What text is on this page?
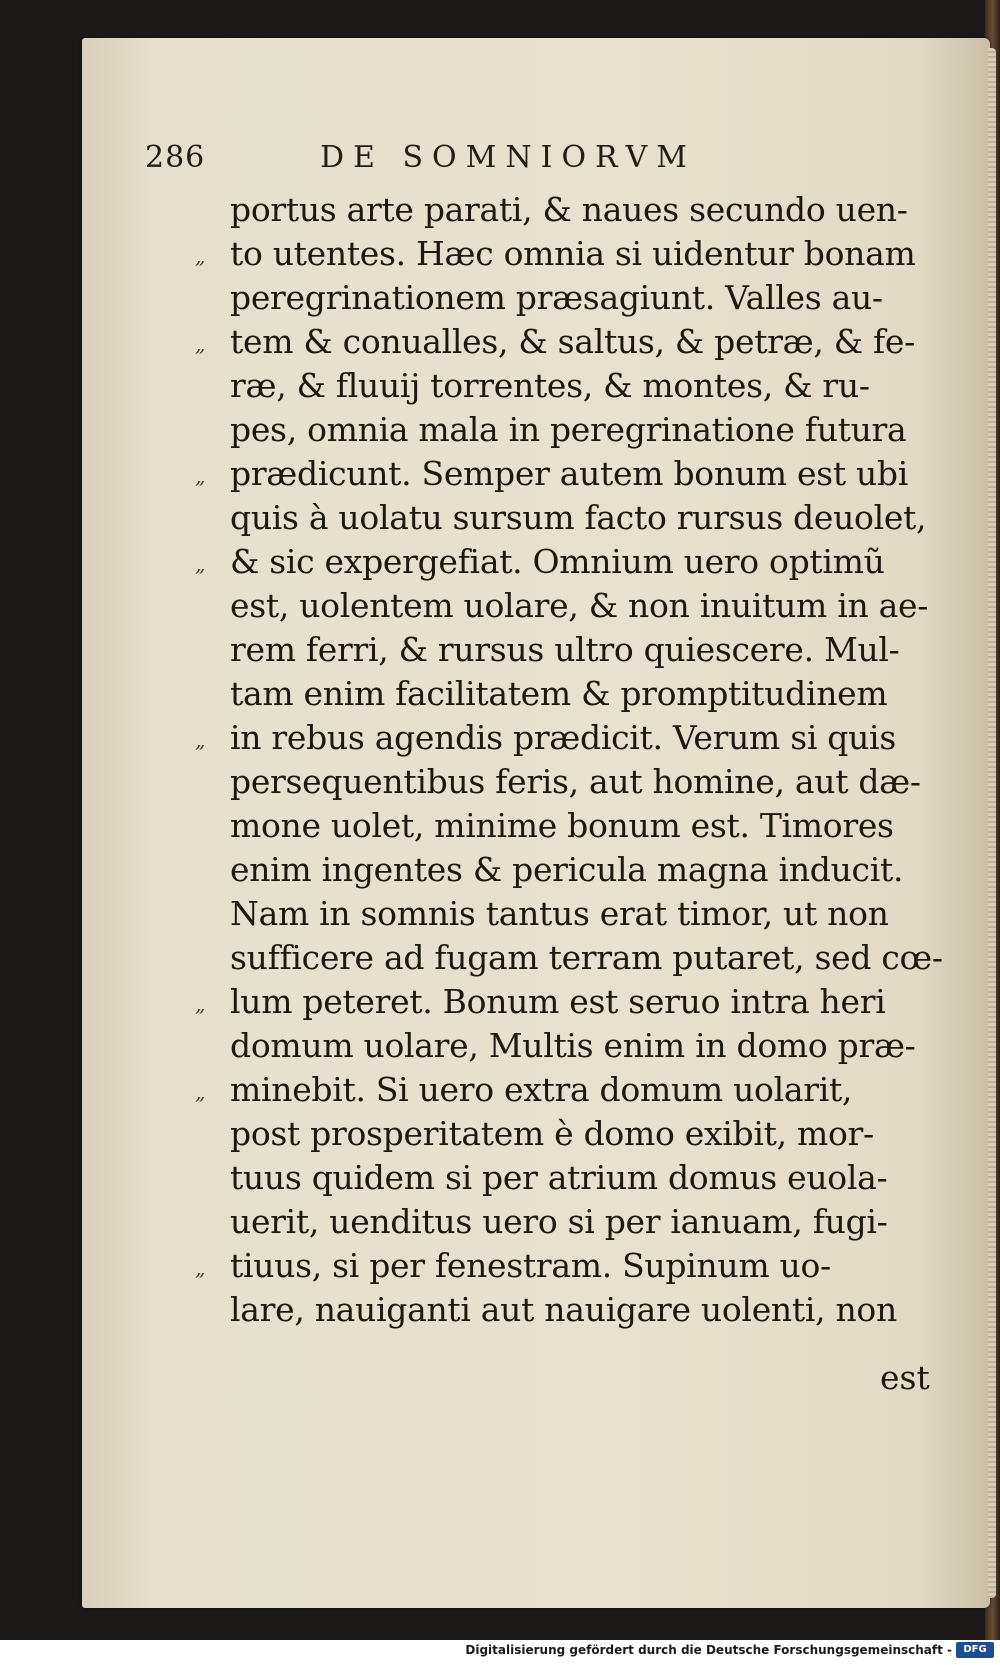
286	DE SOMNIORVM
portus arte parati, & naues secundo uen-
„ to utentes. Hæc omnia si uidentur bonam
peregrinationem præsagiunt. Valles au-
„ tem & conualles, & saltus, & petræ, & fe-
ræ, & fluuij torrentes, & montes, & ru-
pes, omnia mala in peregrinatione futura
„ prædicunt. Semper autem bonum est ubi
quis à uolatu sursum facto rursus deuolet,
„ & sic expergefiat. Omnium uero optimũ
est, uolentem uolare, & non inuitum in ae-
rem ferri, & rursus ultro quiescere. Mul-
tam enim facilitatem & promptitudinem
„ in rebus agendis prædicit. Verum si quis
persequentibus feris, aut homine, aut dæ-
mone uolet, minime bonum est. Timores
enim ingentes & pericula magna inducit.
Nam in somnis tantus erat timor, ut non
sufficere ad fugam terram putaret, sed cœ-
„ lum peteret. Bonum est seruo intra heri
domum uolare, Multis enim in domo præ-
„ minebit. Si uero extra domum uolarit,
post prosperitatem è domo exibit, mor-
tuus quidem si per atrium domus euola-
uerit, uenditus uero si per ianuam, fugi-
„ tiuus, si per fenestram. Supinum uo-
lare, nauiganti aut nauigare uolenti, non
est
Digitalisierung gefördert durch die Deutsche Forschungsgemeinschaft -	DFG
